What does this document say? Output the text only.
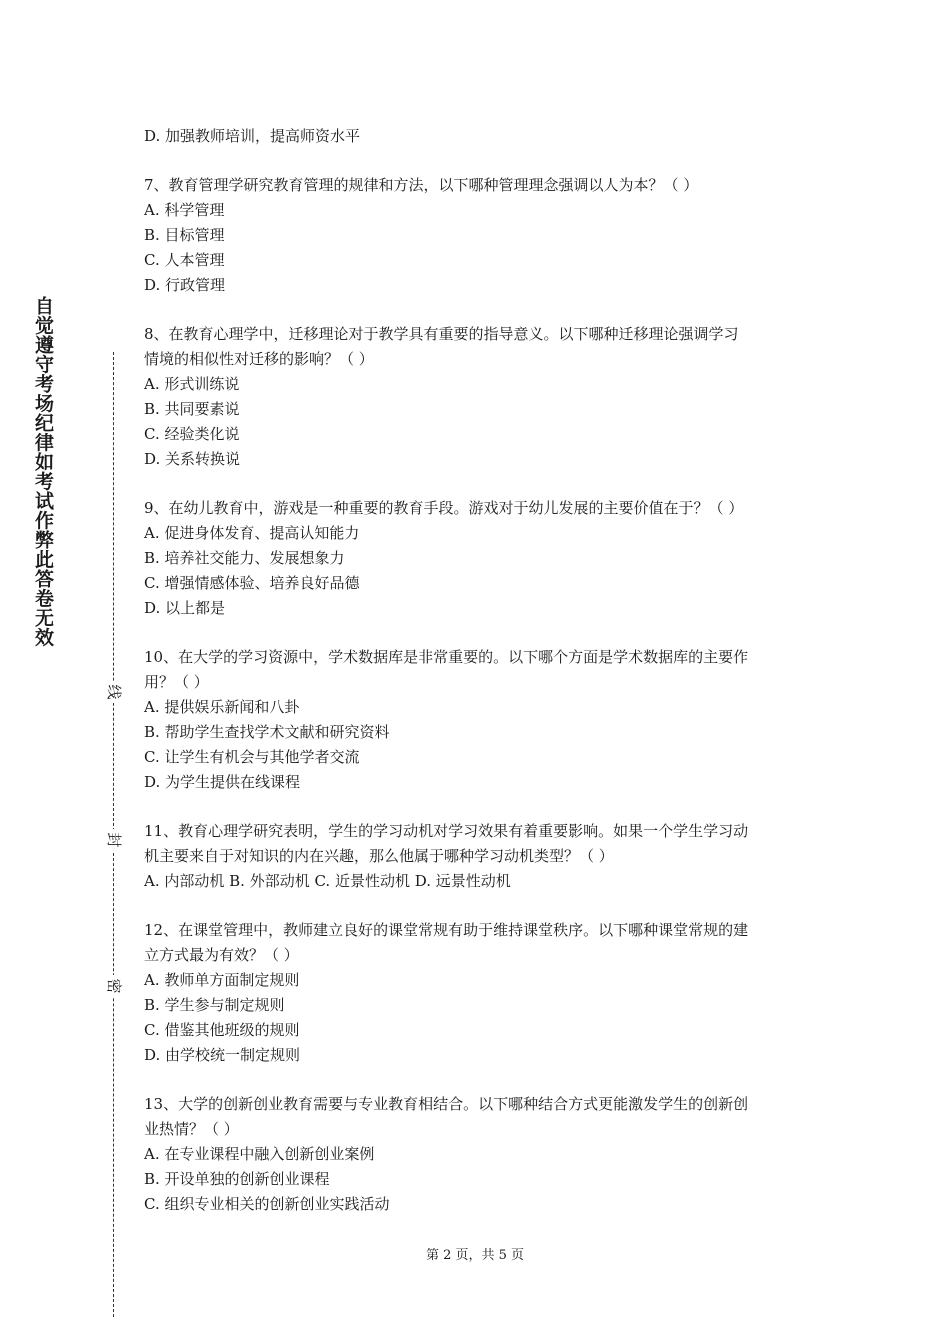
自觉遵守考场纪律如考试作弊此答卷无效
线
封
密
D. 加强教师培训，提高师资水平
7、教育管理学研究教育管理的规律和方法，以下哪种管理理念强调以人为本？（ ）
A. 科学管理
B. 目标管理
C. 人本管理
D. 行政管理
8、在教育心理学中，迁移理论对于教学具有重要的指导意义。以下哪种迁移理论强调学习
情境的相似性对迁移的影响？（ ）
A. 形式训练说
B. 共同要素说
C. 经验类化说
D. 关系转换说
9、在幼儿教育中，游戏是一种重要的教育手段。游戏对于幼儿发展的主要价值在于？（ ）
A. 促进身体发育、提高认知能力
B. 培养社交能力、发展想象力
C. 增强情感体验、培养良好品德
D. 以上都是
10、在大学的学习资源中，学术数据库是非常重要的。以下哪个方面是学术数据库的主要作
用？（ ）
A. 提供娱乐新闻和八卦
B. 帮助学生查找学术文献和研究资料
C. 让学生有机会与其他学者交流
D. 为学生提供在线课程
11、教育心理学研究表明，学生的学习动机对学习效果有着重要影响。如果一个学生学习动
机主要来自于对知识的内在兴趣，那么他属于哪种学习动机类型？（ ）
A. 内部动机 B. 外部动机 C. 近景性动机 D. 远景性动机
12、在课堂管理中，教师建立良好的课堂常规有助于维持课堂秩序。以下哪种课堂常规的建
立方式最为有效？（ ）
A. 教师单方面制定规则
B. 学生参与制定规则
C. 借鉴其他班级的规则
D. 由学校统一制定规则
13、大学的创新创业教育需要与专业教育相结合。以下哪种结合方式更能激发学生的创新创
业热情？（ ）
A. 在专业课程中融入创新创业案例
B. 开设单独的创新创业课程
C. 组织专业相关的创新创业实践活动
第 2 页，共 5 页
